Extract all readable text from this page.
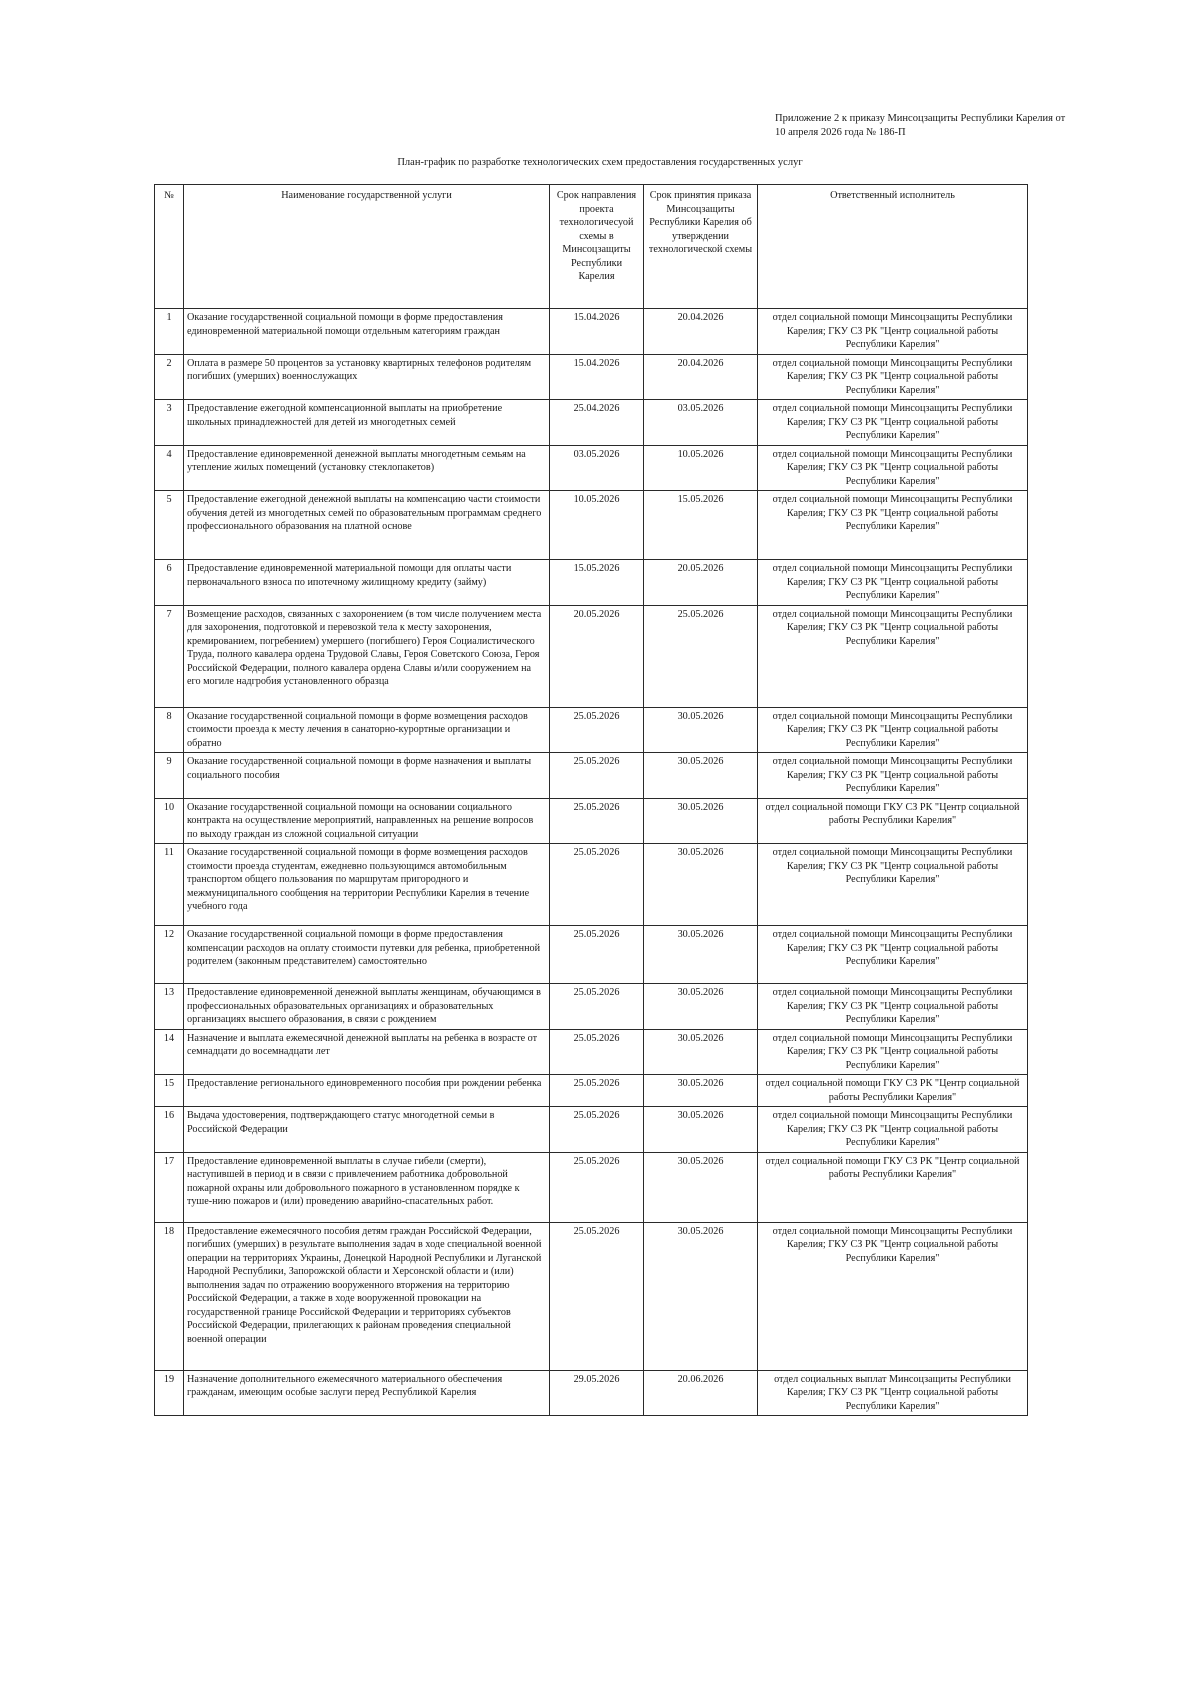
Приложение 2 к приказу Минсоцзащиты Республики Карелия от 10 апреля 2026 года № 186-П
План-график по разработке технологических схем предоставления государственных услуг
№	Наименование государственной услуги	Срок направления проекта технологичесуой схемы в Минсоцзащиты Республики Карелия	Срок принятия приказа Минсоцзащиты Республики Карелия об утверждении технологической схемы	Ответственный исполнитель
1	Оказание государственной социальной помощи в форме предоставления единовременной материальной помощи отдельным категориям граждан	15.04.2026	20.04.2026	отдел социальной помощи Минсоцзащиты Республики Карелия; ГКУ СЗ РК "Центр социальной работы Республики Карелия"
2	Оплата в размере 50 процентов за установку квартирных телефонов родителям погибших (умерших) военнослужащих	15.04.2026	20.04.2026	отдел социальной помощи Минсоцзащиты Республики Карелия; ГКУ СЗ РК "Центр социальной работы Республики Карелия"
3	Предоставление ежегодной компенсационной выплаты на приобретение школьных принадлежностей для детей из многодетных семей	25.04.2026	03.05.2026	отдел социальной помощи Минсоцзащиты Республики Карелия; ГКУ СЗ РК "Центр социальной работы Республики Карелия"
4	Предоставление единовременной денежной выплаты многодетным семьям на утепление жилых помещений (установку стеклопакетов)	03.05.2026	10.05.2026	отдел социальной помощи Минсоцзащиты Республики Карелия; ГКУ СЗ РК "Центр социальной работы Республики Карелия"
5	Предоставление ежегодной денежной выплаты на компенсацию части стоимости обучения детей из многодетных семей по образовательным программам среднего профессионального образования на платной основе	10.05.2026	15.05.2026	отдел социальной помощи Минсоцзащиты Республики Карелия; ГКУ СЗ РК "Центр социальной работы Республики Карелия"
6	Предоставление единовременной материальной помощи для оплаты части первоначального взноса по ипотечному жилищному кредиту (займу)	15.05.2026	20.05.2026	отдел социальной помощи Минсоцзащиты Республики Карелия; ГКУ СЗ РК "Центр социальной работы Республики Карелия"
7	Возмещение расходов, связанных с захоронением (в том числе получением места для захоронения, подготовкой и перевозкой тела к месту захоронения, кремированием, погребением) умершего (погибшего) Героя Социалистического Труда, полного кавалера ордена Трудовой Славы, Героя Советского Союза, Героя Российской Федерации, полного кавалера ордена Славы и/или сооружением на его могиле надгробия установленного образца	20.05.2026	25.05.2026	отдел социальной помощи Минсоцзащиты Республики Карелия; ГКУ СЗ РК "Центр социальной работы Республики Карелия"
8	Оказание государственной социальной помощи в форме возмещения расходов стоимости проезда к месту лечения в санаторно-курортные организации и обратно	25.05.2026	30.05.2026	отдел социальной помощи Минсоцзащиты Республики Карелия; ГКУ СЗ РК "Центр социальной работы Республики Карелия"
9	Оказание государственной социальной помощи в форме назначения и выплаты социального пособия	25.05.2026	30.05.2026	отдел социальной помощи Минсоцзащиты Республики Карелия; ГКУ СЗ РК "Центр социальной работы Республики Карелия"
10	Оказание государственной социальной помощи на основании социального контракта на осуществление мероприятий, направленных на решение вопросов по выходу граждан из сложной социальной ситуации	25.05.2026	30.05.2026	отдел социальной помощи ГКУ СЗ РК "Центр социальной работы Республики Карелия"
11	Оказание государственной социальной помощи в форме возмещения расходов стоимости проезда студентам, ежедневно пользующимся автомобильным транспортом общего пользования по маршрутам пригородного и межмуниципального сообщения на территории Республики Карелия в течение учебного года	25.05.2026	30.05.2026	отдел социальной помощи Минсоцзащиты Республики Карелия; ГКУ СЗ РК "Центр социальной работы Республики Карелия"
12	Оказание государственной социальной помощи в форме предоставления компенсации расходов на оплату стоимости путевки для ребенка, приобретенной родителем (законным представителем) самостоятельно	25.05.2026	30.05.2026	отдел социальной помощи Минсоцзащиты Республики Карелия; ГКУ СЗ РК "Центр социальной работы Республики Карелия"
13	Предоставление единовременной денежной выплаты женщинам, обучающимся в профессиональных образовательных организациях и образовательных организациях высшего образования, в связи с рождением	25.05.2026	30.05.2026	отдел социальной помощи Минсоцзащиты Республики Карелия; ГКУ СЗ РК "Центр социальной работы Республики Карелия"
14	Назначение и выплата ежемесячной денежной выплаты на ребенка в возрасте от семнадцати до восемнадцати лет	25.05.2026	30.05.2026	отдел социальной помощи Минсоцзащиты Республики Карелия; ГКУ СЗ РК "Центр социальной работы Республики Карелия"
15	Предоставление регионального единовременного пособия при рождении ребенка	25.05.2026	30.05.2026	отдел социальной помощи ГКУ СЗ РК "Центр социальной работы Республики Карелия"
16	Выдача удостоверения, подтверждающего статус многодетной семьи в Российской Федерации	25.05.2026	30.05.2026	отдел социальной помощи Минсоцзащиты Республики Карелия; ГКУ СЗ РК "Центр социальной работы Республики Карелия"
17	Предоставление единовременной выплаты в случае гибели (смерти), наступившей в период и в связи с привлечением работника добровольной пожарной охраны или добровольного пожарного в установленном порядке к туше-нию пожаров и (или) проведению аварийно-спасательных работ.	25.05.2026	30.05.2026	отдел социальной помощи ГКУ СЗ РК "Центр социальной работы Республики Карелия"
18	Предоставление ежемесячного пособия детям граждан Российской Федерации, погибших (умерших) в результате выполнения задач в ходе специальной военной операции на территориях Украины, Донецкой Народной Республики и Луганской Народной Республики, Запорожской области и Херсонской области и (или) выполнения задач по отражению вооруженного вторжения на территорию Российской Федерации, а также в ходе вооруженной провокации на государственной границе Российской Федерации и территориях субъектов Российской Федерации, прилегающих к районам проведения специальной военной операции	25.05.2026	30.05.2026	отдел социальной помощи Минсоцзащиты Республики Карелия; ГКУ СЗ РК "Центр социальной работы Республики Карелия"
19	Назначение дополнительного ежемесячного материального обеспечения гражданам, имеющим особые заслуги перед Республикой Карелия	29.05.2026	20.06.2026	отдел социальных выплат Минсоцзащиты Республики Карелия; ГКУ СЗ РК "Центр социальной работы Республики Карелия"
